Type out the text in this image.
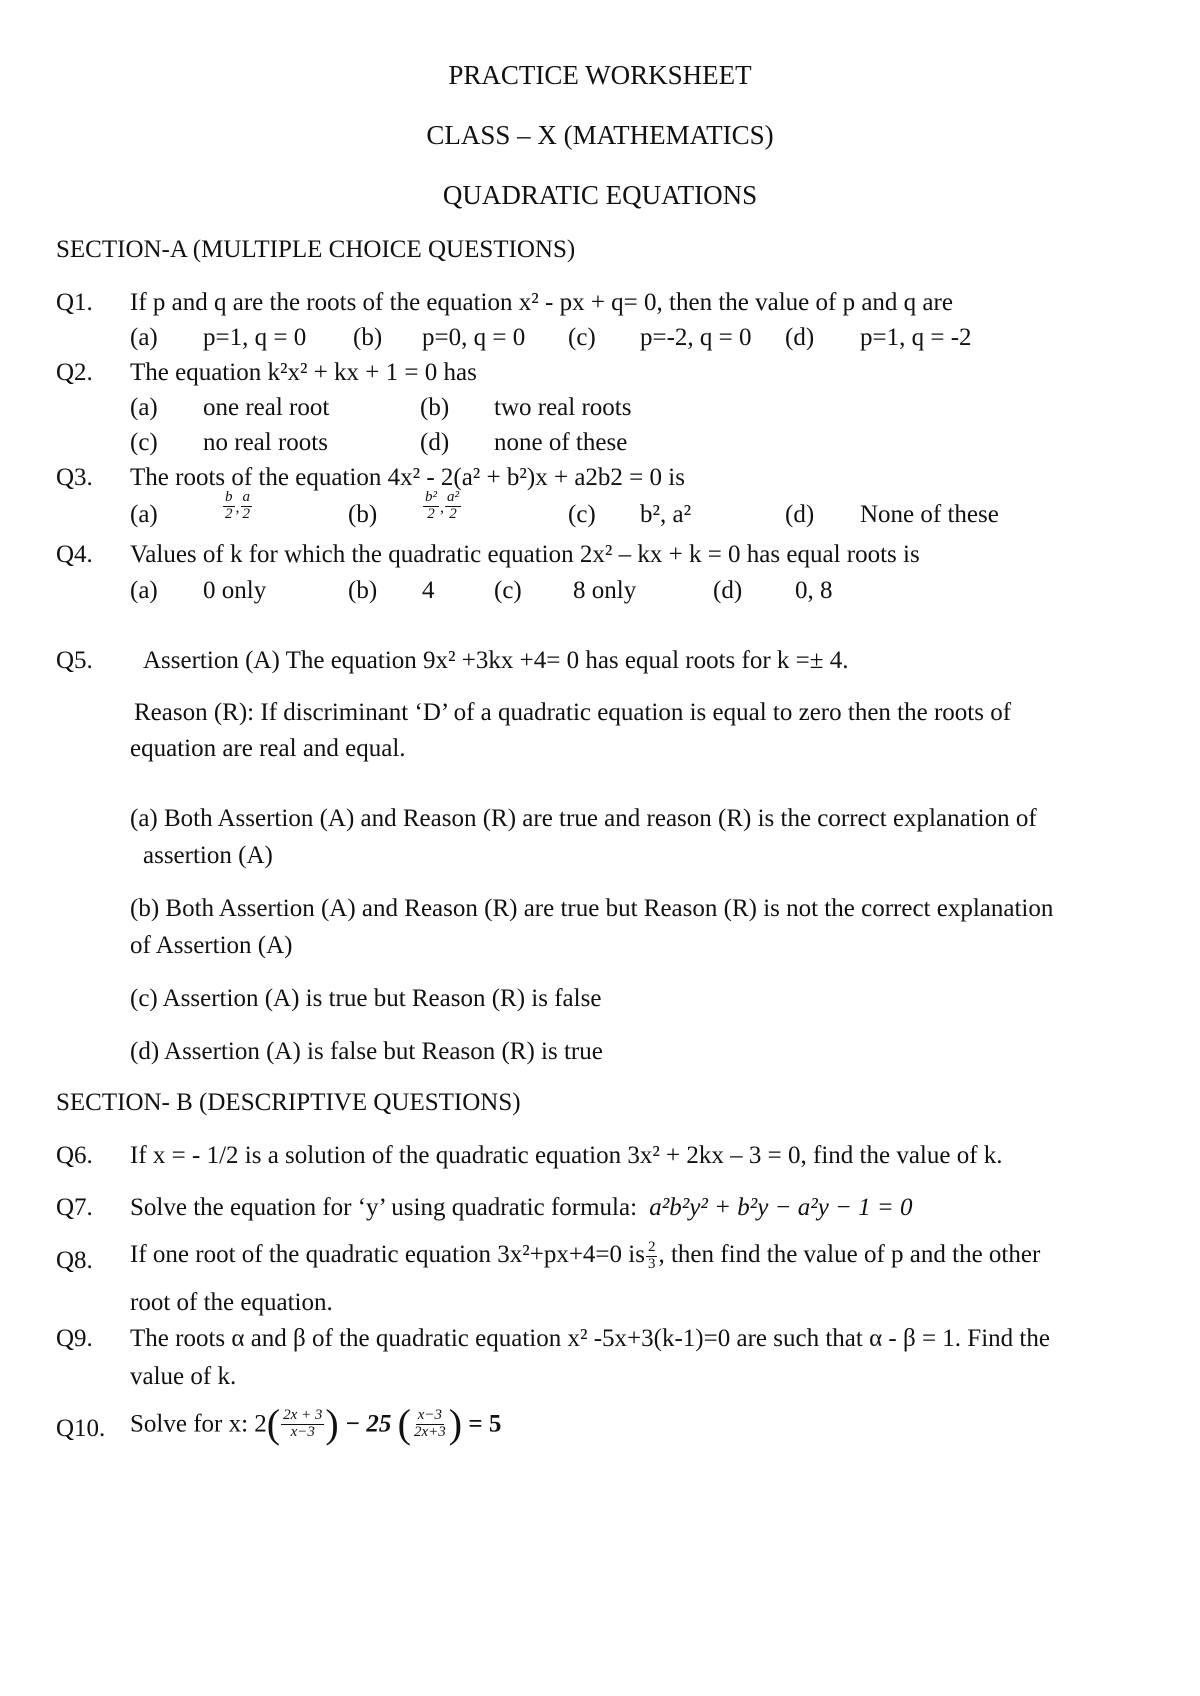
PRACTICE WORKSHEET
CLASS – X (MATHEMATICS)
QUADRATIC EQUATIONS
SECTION-A (MULTIPLE CHOICE QUESTIONS)
Q1. If p and q are the roots of the equation x² - px + q= 0, then the value of p and q are
(a) p=1, q = 0 (b) p=0, q = 0 (c) p=-2, q = 0 (d) p=1, q = -2
Q2. The equation k²x² + kx + 1 = 0 has
(a) one real root	(b) two real roots
(c) no real roots	(d) none of these
Q3. The roots of the equation 4x² - 2(a² + b²)x + a2b2 = 0 is
(a)	$\frac{b}{2}$ , $\frac{a}{2}$	(b)	$\frac{\text{b²}}{2}$ , $\frac{\text{a²}}{2}$	(c) b², a²	(d) None of these
Q4. Values of k for which the quadratic equation 2x² – kx + k = 0 has equal roots is
(a) 0 only	(b) 4 (c) 8 only	(d) 0, 8
Q5. Assertion (A) The equation 9x² +3kx +4= 0 has equal roots for k =± 4.
Reason (R): If discriminant ‘D’ of a quadratic equation is equal to zero then the roots of
equation are real and equal.
(a) Both Assertion (A) and Reason (R) are true and reason (R) is the correct explanation of
assertion (A)
(b) Both Assertion (A) and Reason (R) are true but Reason (R) is not the correct explanation
of Assertion (A)
(c) Assertion (A) is true but Reason (R) is false
(d) Assertion (A) is false but Reason (R) is true
SECTION- B (DESCRIPTIVE QUESTIONS)
Q6. If x = - 1/2 is a solution of the quadratic equation 3x² + 2kx – 3 = 0, find the value of k.
Q7. Solve the equation for ‘y’ using quadratic formula: a²b²y² + b²y − a²y − 1 = 0
Q8. If one root of the quadratic equation 3x²+px+4=0 is $\frac{2}{3}$ , then find the value of p and the other
root of the equation.
Q9. The roots α and β of the quadratic equation x² -5x+3(k-1)=0 are such that α - β = 1. Find the
value of k.
Q10. Solve for x: $2( \frac{2x + 3}{x-3}$ ) − 25 ( $\frac{x-3}{2x+3}$ ) = 5
